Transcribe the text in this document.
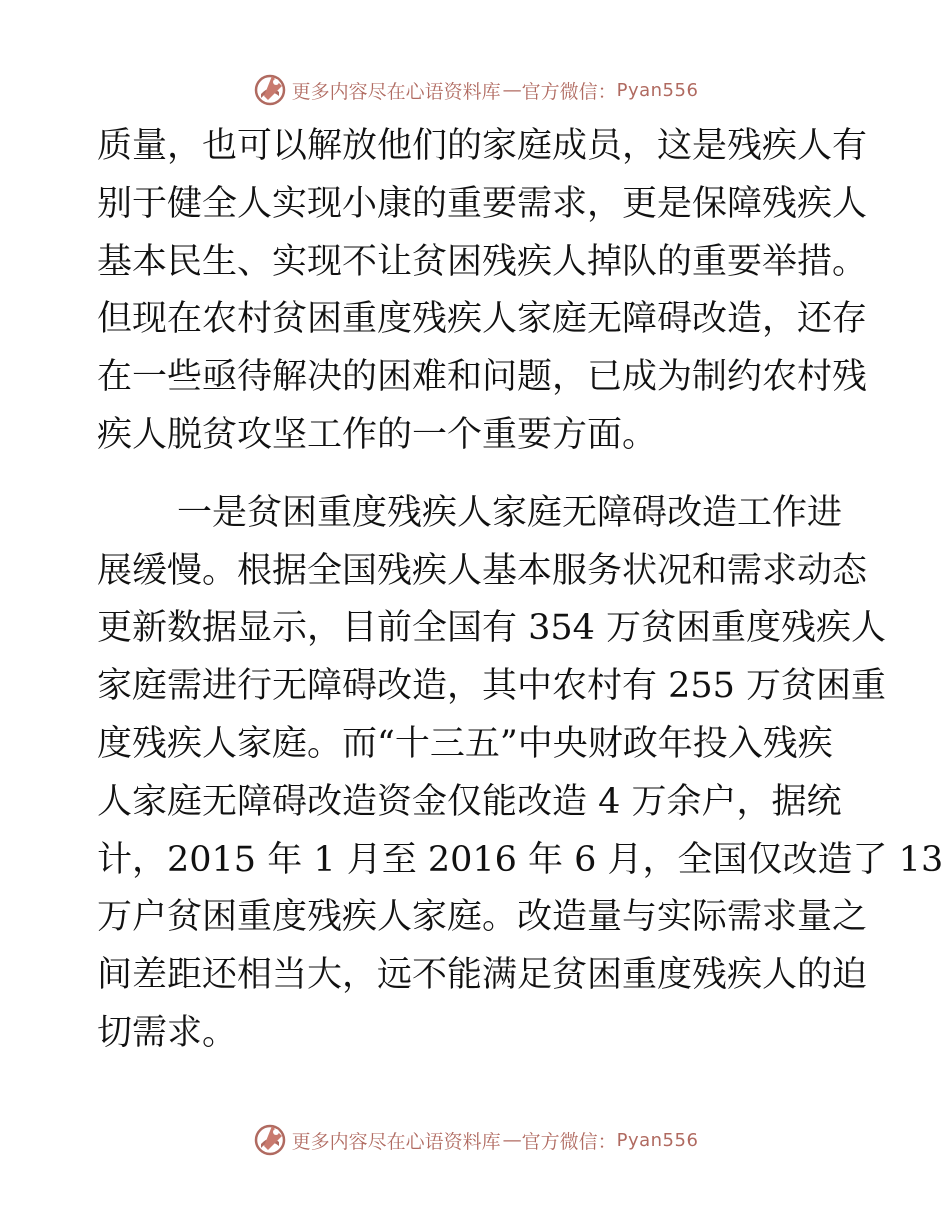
更多内容尽在心语资料库 — 官方微信： Pyan556
质量，也可以解放他们的家庭成员，这是残疾人有
别于健全人实现小康的重要需求，更是保障残疾人
基本民生、实现不让贫困残疾人掉队的重要举措。
但现在农村贫困重度残疾人家庭无障碍改造，还存
在一些亟待解决的困难和问题，已成为制约农村残
疾人脱贫攻坚工作的一个重要方面。
一是贫困重度残疾人家庭无障碍改造工作进
展缓慢。根据全国残疾人基本服务状况和需求动态
更新数据显示，目前全国有 354 万贫困重度残疾人
家庭需进行无障碍改造，其中农村有 255 万贫困重
度残疾人家庭。而“十三五”中央财政年投入残疾
人家庭无障碍改造资金仅能改造 4 万余户，据统
计，2015 年 1 月至 2016 年 6 月，全国仅改造了 13
万户贫困重度残疾人家庭。改造量与实际需求量之
间差距还相当大，远不能满足贫困重度残疾人的迫
切需求。
更多内容尽在心语资料库 — 官方微信： Pyan556
